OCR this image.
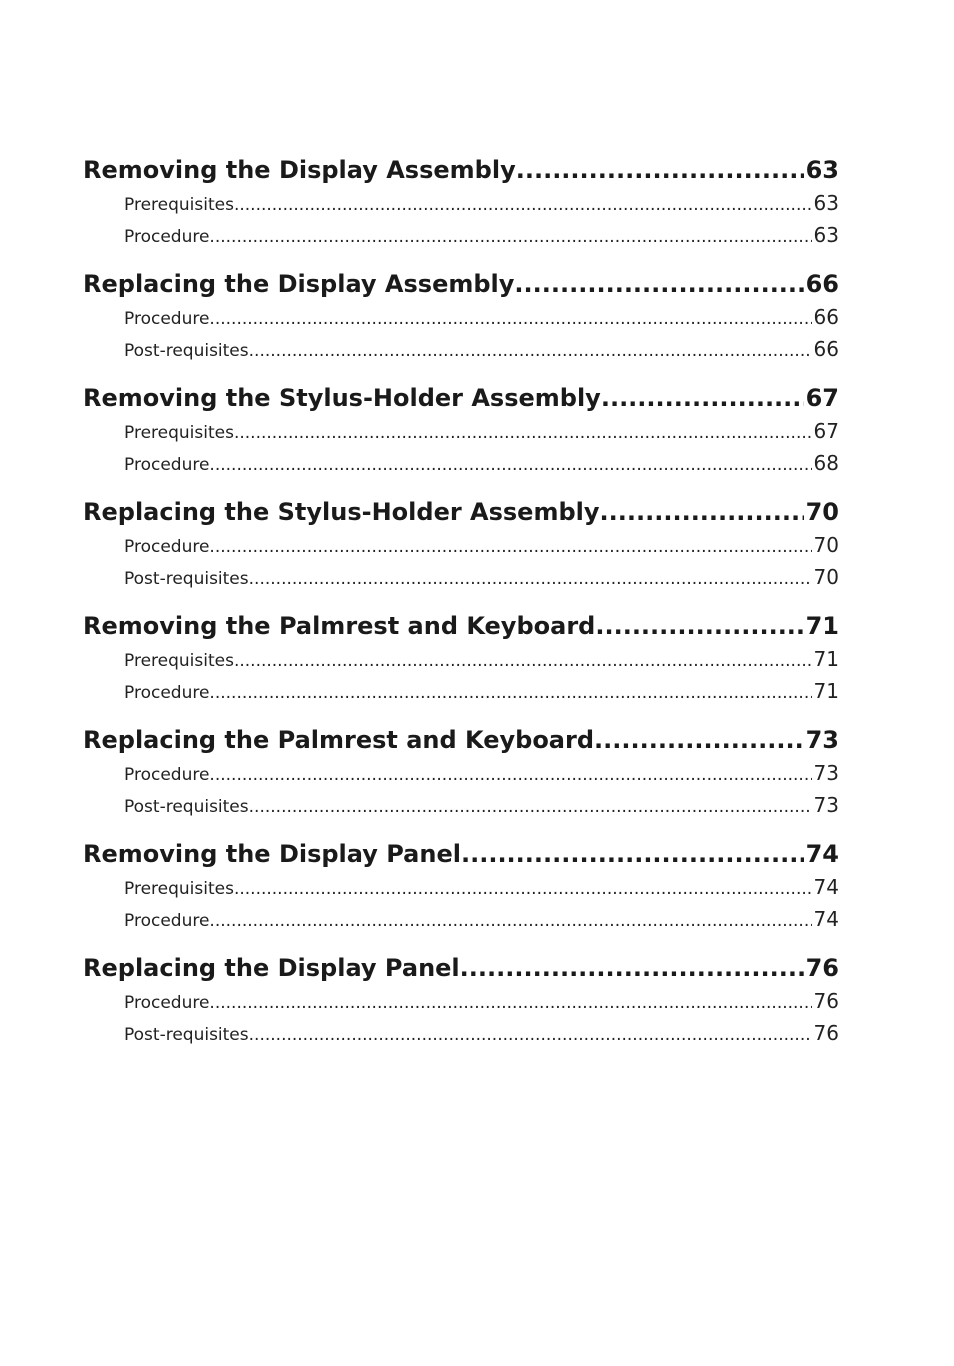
Removing the Display Assembly .....	63
Prerequisites .....	63
Procedure .....	63
Replacing the Display Assembly .....	66
Procedure .....	66
Post-requisites .....	66
Removing the Stylus-Holder Assembly .....	67
Prerequisites .....	67
Procedure .....	68
Replacing the Stylus-Holder Assembly .....	70
Procedure .....	70
Post-requisites .....	70
Removing the Palmrest and Keyboard .....	71
Prerequisites .....	71
Procedure .....	71
Replacing the Palmrest and Keyboard .....	73
Procedure .....	73
Post-requisites .....	73
Removing the Display Panel .....	74
Prerequisites .....	74
Procedure .....	74
Replacing the Display Panel .....	76
Procedure .....	76
Post-requisites .....	76
